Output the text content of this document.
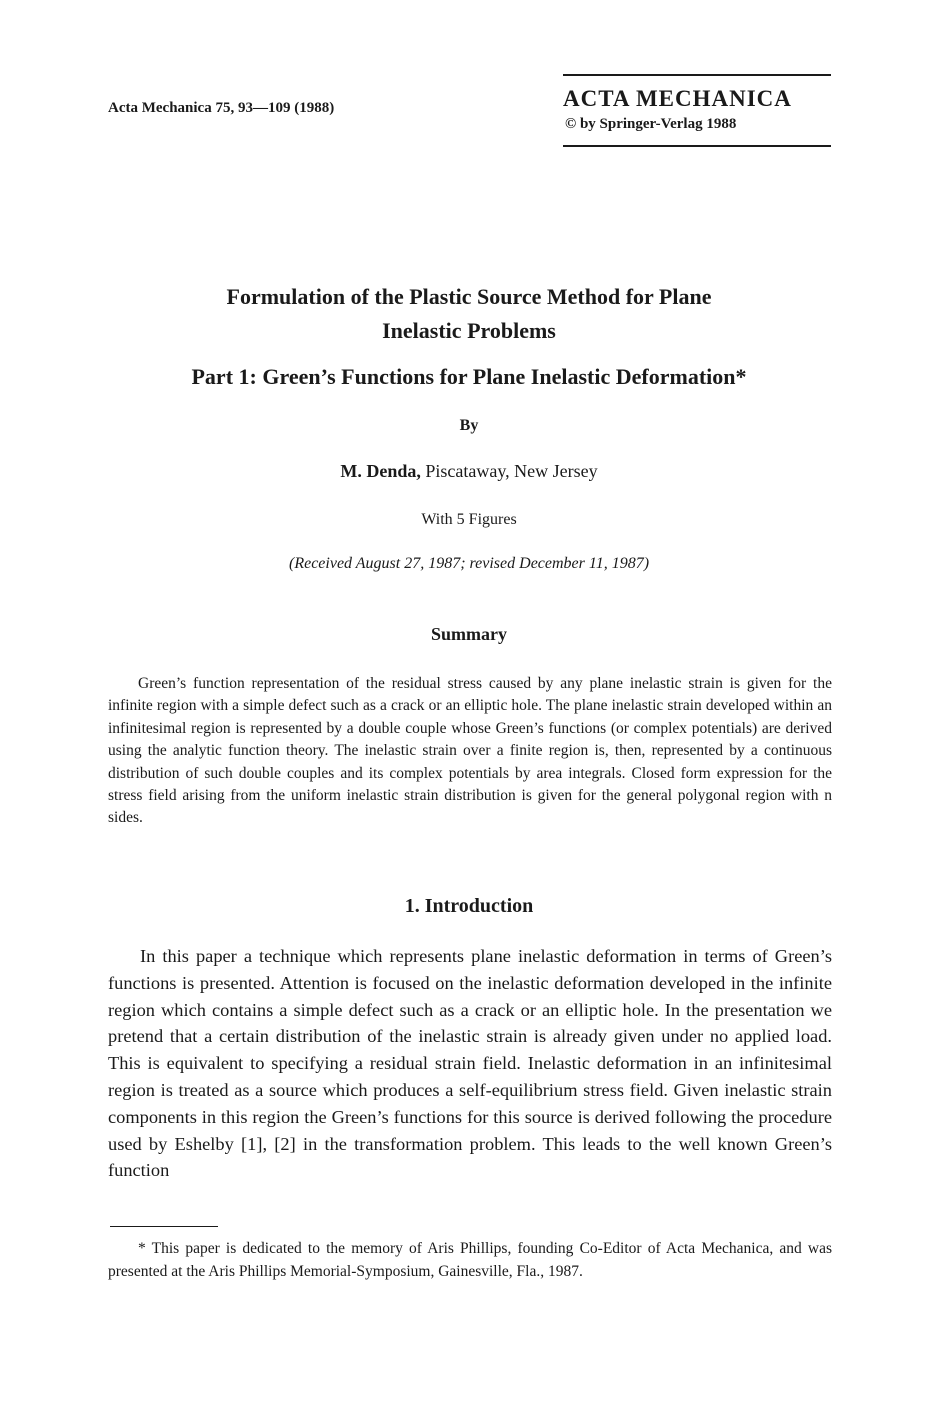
Acta Mechanica 75, 93—109 (1988)	ACTA MECHANICA
© by Springer-Verlag 1988
Formulation of the Plastic Source Method for Plane Inelastic Problems
Part 1: Green’s Functions for Plane Inelastic Deformation*
By
M. Denda, Piscataway, New Jersey
With 5 Figures
(Received August 27, 1987; revised December 11, 1987)
Summary
Green’s function representation of the residual stress caused by any plane inelastic strain is given for the infinite region with a simple defect such as a crack or an elliptic hole. The plane inelastic strain developed within an infinitesimal region is represented by a double couple whose Green’s functions (or complex potentials) are derived using the analytic function theory. The inelastic strain over a finite region is, then, represented by a continuous distribution of such double couples and its complex potentials by area integrals. Closed form expression for the stress field arising from the uniform inelastic strain distribution is given for the general polygonal region with n sides.
1. Introduction
In this paper a technique which represents plane inelastic deformation in terms of Green’s functions is presented. Attention is focused on the inelastic deformation developed in the infinite region which contains a simple defect such as a crack or an elliptic hole. In the presentation we pretend that a certain distribution of the inelastic strain is already given under no applied load. This is equivalent to specifying a residual strain field. Inelastic deformation in an infinitesimal region is treated as a source which produces a self-equilibrium stress field. Given inelastic strain components in this region the Green’s functions for this source is derived following the procedure used by Eshelby [1], [2] in the transformation problem. This leads to the well known Green’s function
* This paper is dedicated to the memory of Aris Phillips, founding Co-Editor of Acta Mechanica, and was presented at the Aris Phillips Memorial-Symposium, Gainesville, Fla., 1987.
